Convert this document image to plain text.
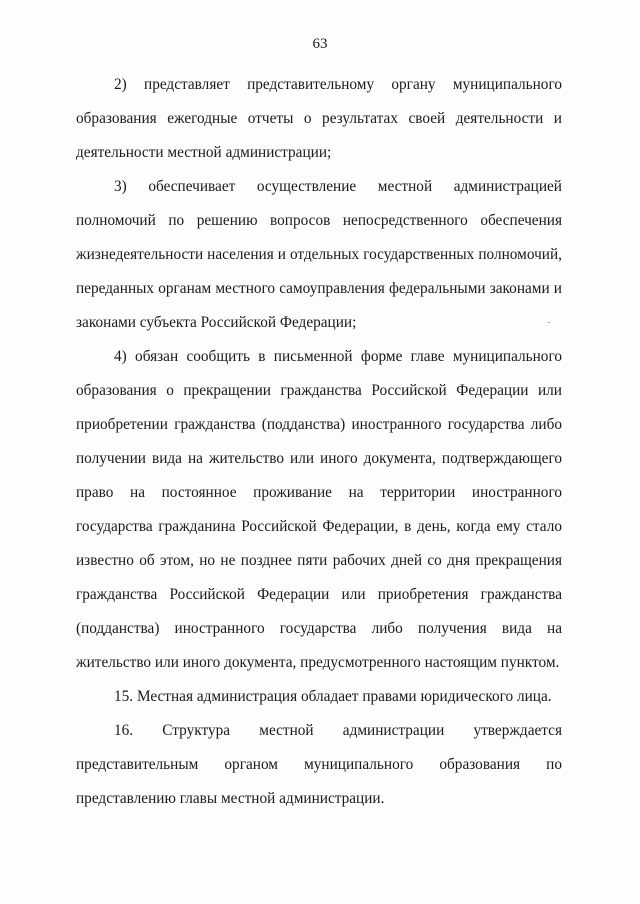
63

2) представляет представительному органу муниципального образования ежегодные отчеты о результатах своей деятельности и деятельности местной администрации;

3) обеспечивает осуществление местной администрацией полномочий по решению вопросов непосредственного обеспечения жизнедеятельности населения и отдельных государственных полномочий, переданных органам местного самоуправления федеральными законами и законами субъекта Российской Федерации;

4) обязан сообщить в письменной форме главе муниципального образования о прекращении гражданства Российской Федерации или приобретении гражданства (подданства) иностранного государства либо получении вида на жительство или иного документа, подтверждающего право на постоянное проживание на территории иностранного государства гражданина Российской Федерации, в день, когда ему стало известно об этом, но не позднее пяти рабочих дней со дня прекращения гражданства Российской Федерации или приобретения гражданства (подданства) иностранного государства либо получения вида на жительство или иного документа, предусмотренного настоящим пунктом.

15. Местная администрация обладает правами юридического лица.

16. Структура местной администрации утверждается представительным органом муниципального образования по представлению главы местной администрации.
